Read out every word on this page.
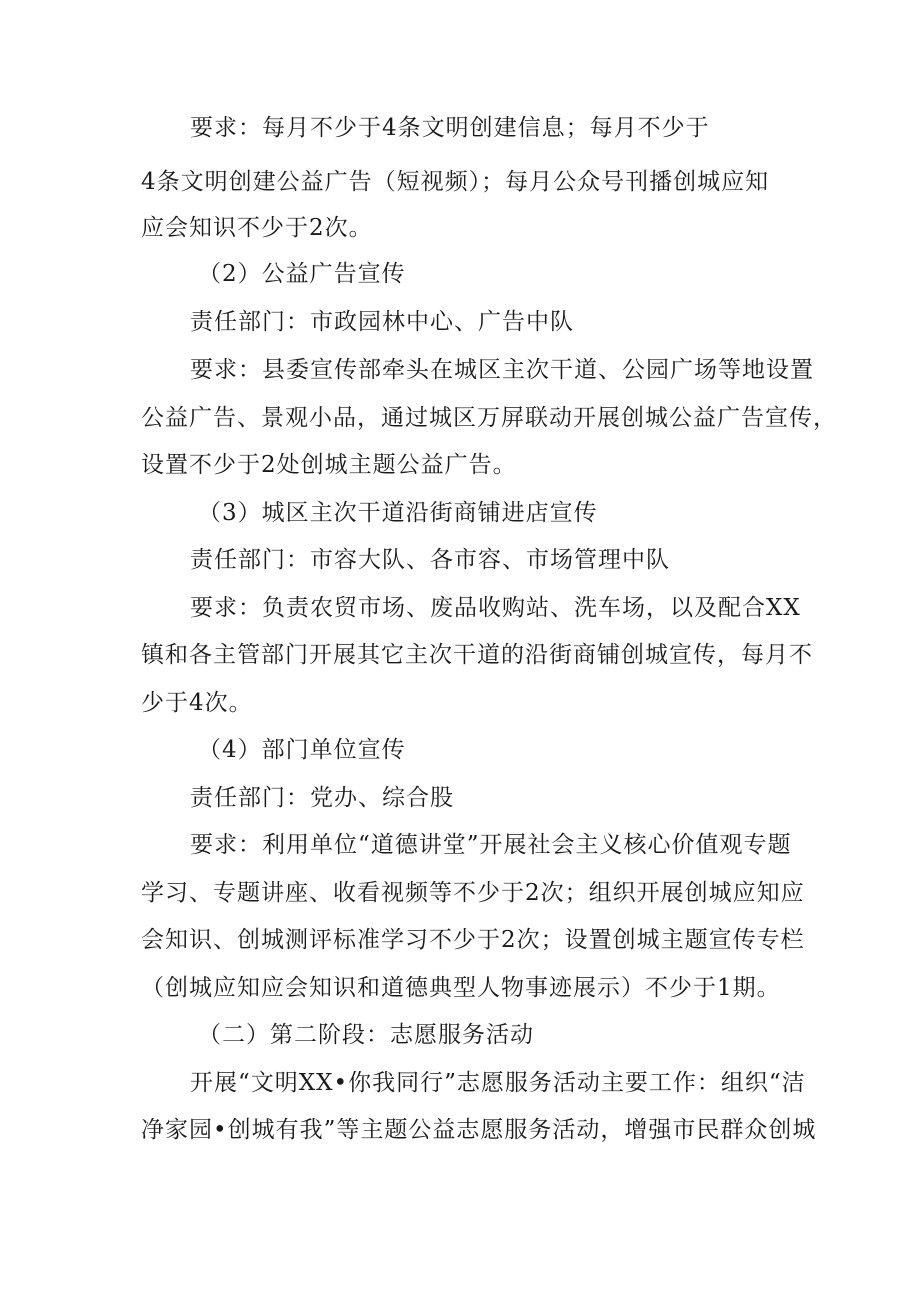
要求：每月不少于4条文明创建信息；每月不少于
4条文明创建公益广告（短视频）；每月公众号刊播创城应知
应会知识不少于2次。
（2）公益广告宣传
责任部门：市政园林中心、广告中队
要求：县委宣传部牵头在城区主次干道、公园广场等地设置
公益广告、景观小品，通过城区万屏联动开展创城公益广告宣传，
设置不少于2处创城主题公益广告。
（3）城区主次干道沿街商铺进店宣传
责任部门：市容大队、各市容、市场管理中队
要求：负责农贸市场、废品收购站、洗车场，以及配合XX
镇和各主管部门开展其它主次干道的沿街商铺创城宣传，每月不
少于4次。
（4）部门单位宣传
责任部门：党办、综合股
要求：利用单位“道德讲堂”开展社会主义核心价值观专题
学习、专题讲座、收看视频等不少于2次；组织开展创城应知应
会知识、创城测评标准学习不少于2次；设置创城主题宣传专栏
（创城应知应会知识和道德典型人物事迹展示）不少于1期。
（二）第二阶段：志愿服务活动
开展“文明XX•你我同行”志愿服务活动主要工作：组织“洁
净家园•创城有我”等主题公益志愿服务活动，增强市民群众创城
